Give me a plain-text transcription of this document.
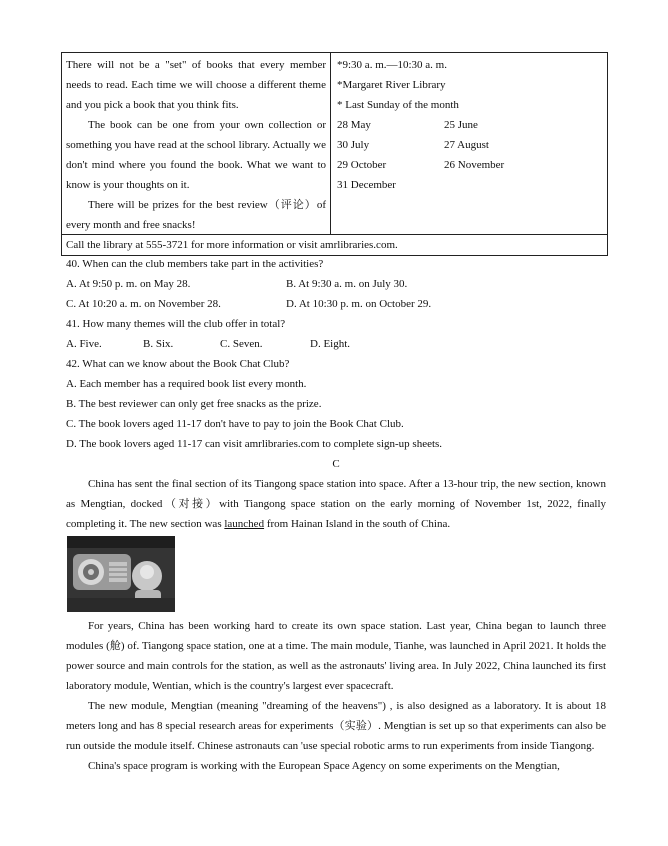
There will not be a "set" of books that every member needs to read. Each time we will choose a different theme and you pick a book that you think fits.

The book can be one from your own collection or something you have read at the school library. Actually we don't mind where you found the book. What we want to know is your thoughts on it.

There will be prizes for the best review（评论）of every month and free snacks!

*9:30 a. m.—10:30 a. m.
*Margaret River Library
* Last Sunday of the month
28 May	25 June
30 July	27 August
29 October	26 November
31 December
Call the library at 555-3721 for more information or visit amrlibraries.com.
40. When can the club members take part in the activities?
A. At 9:50 p. m. on May 28.	B. At 9:30 a. m. on July 30.
C. At 10:20 a. m. on November 28.	D. At 10:30 p. m. on October 29.
41. How many themes will the club offer in total?
A. Five.	B. Six.	C. Seven.	D. Eight.
42. What can we know about the Book Chat Club?
A. Each member has a required book list every month.
B. The best reviewer can only get free snacks as the prize.
C. The book lovers aged 11-17 don't have to pay to join the Book Chat Club.
D. The book lovers aged 11-17 can visit amrlibraries.com to complete sign-up sheets.
C

China has sent the final section of its Tiangong space station into space. After a 13-hour trip, the new section, known as Mengtian, docked（对接）with Tiangong space station on the early morning of November 1st, 2022, finally completing it. The new section was launched from Hainan Island in the south of China.

For years, China has been working hard to create its own space station. Last year, China began to launch three modules (舱) of. Tiangong space station, one at a time. The main module, Tianhe, was launched in April 2021. It holds the power source and main controls for the station, as well as the astronauts' living area. In July 2022, China launched its first laboratory module, Wentian, which is the country's largest ever spacecraft.

The new module, Mengtian (meaning "dreaming of the heavens") , is also designed as a laboratory. It is about 18 meters long and has 8 special research areas for experiments（实验）. Mengtian is set up so that experiments can also be run outside the module itself. Chinese astronauts can 'use special robotic arms to run experiments from inside Tiangong.

China's space program is working with the European Space Agency on some experiments on the Mengtian,
